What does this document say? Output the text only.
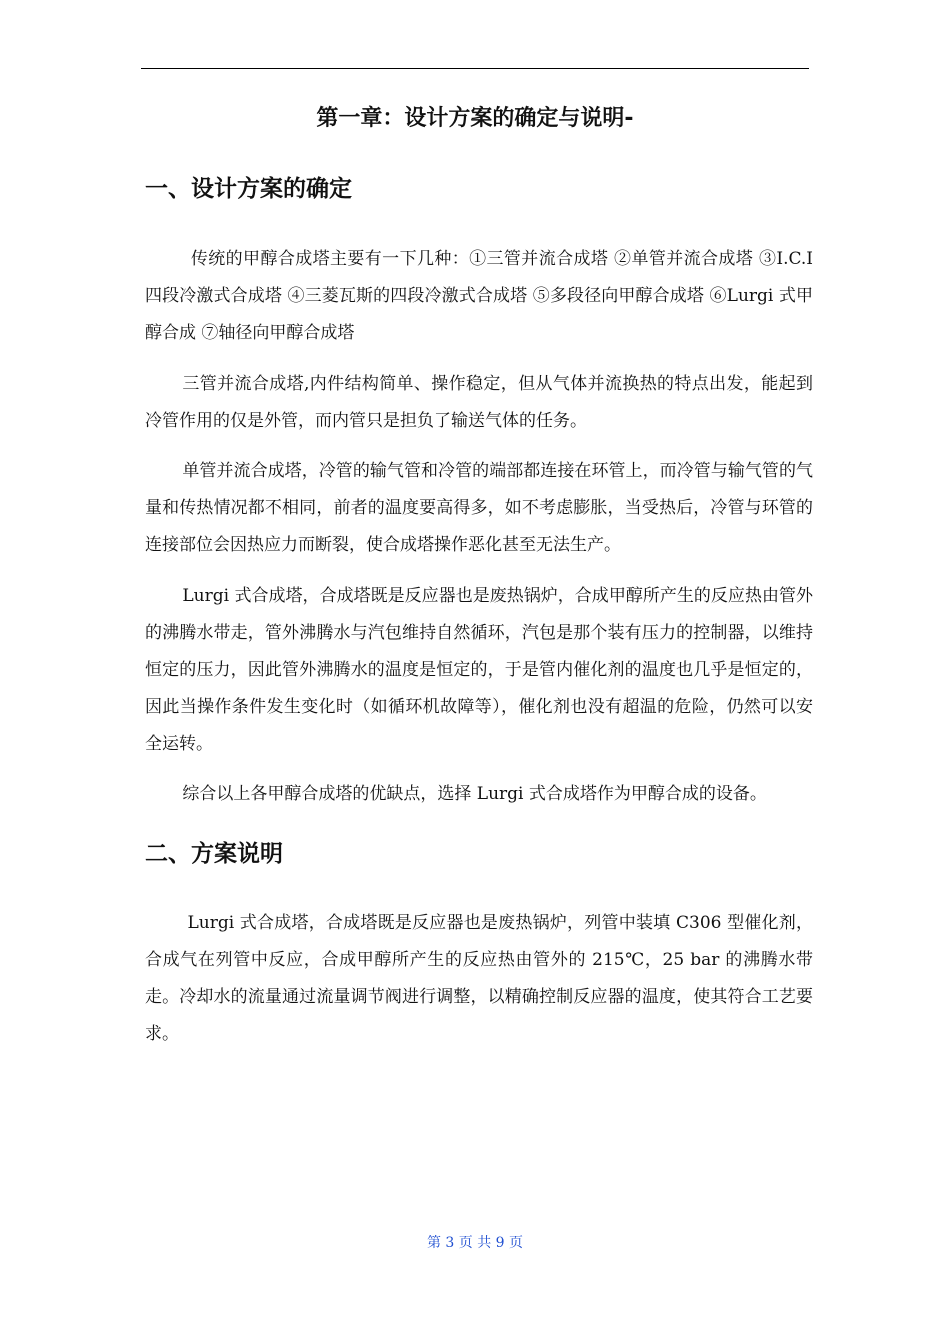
第一章：设计方案的确定与说明-
一、设计方案的确定

传统的甲醇合成塔主要有一下几种：①三管并流合成塔 ②单管并流合成塔 ③I.C.I 四段冷激式合成塔 ④三菱瓦斯的四段冷激式合成塔 ⑤多段径向甲醇合成塔 ⑥Lurgi 式甲醇合成 ⑦轴径向甲醇合成塔

三管并流合成塔,内件结构简单、操作稳定，但从气体并流换热的特点出发，能起到冷管作用的仅是外管，而内管只是担负了输送气体的任务。

单管并流合成塔，冷管的输气管和冷管的端部都连接在环管上，而冷管与输气管的气量和传热情况都不相同，前者的温度要高得多，如不考虑膨胀，当受热后，冷管与环管的连接部位会因热应力而断裂，使合成塔操作恶化甚至无法生产。

Lurgi 式合成塔，合成塔既是反应器也是废热锅炉，合成甲醇所产生的反应热由管外的沸腾水带走，管外沸腾水与汽包维持自然循环，汽包是那个装有压力的控制器，以维持恒定的压力，因此管外沸腾水的温度是恒定的，于是管内催化剂的温度也几乎是恒定的，因此当操作条件发生变化时（如循环机故障等），催化剂也没有超温的危险，仍然可以安全运转。

综合以上各甲醇合成塔的优缺点，选择 Lurgi 式合成塔作为甲醇合成的设备。

二、方案说明

Lurgi 式合成塔，合成塔既是反应器也是废热锅炉，列管中装填 C306 型催化剂，合成气在列管中反应，合成甲醇所产生的反应热由管外的 215℃，25 bar 的沸腾水带走。冷却水的流量通过流量调节阀进行调整，以精确控制反应器的温度，使其符合工艺要求。

第 3 页 共 9 页
